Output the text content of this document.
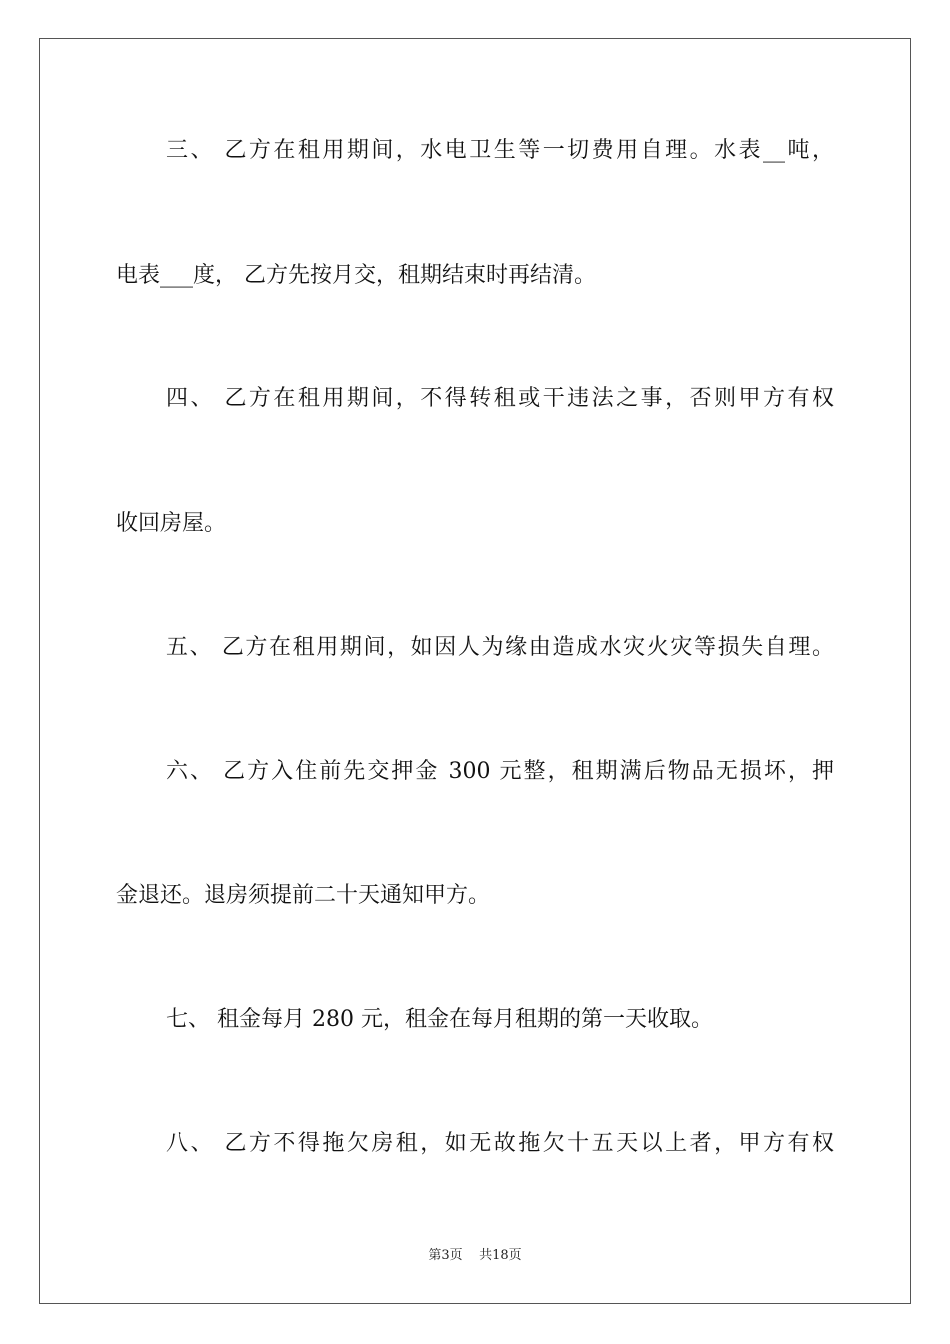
三、 乙方在租用期间，水电卫生等一切费用自理。水表__吨，
电表___度， 乙方先按月交，租期结束时再结清。
四、 乙方在租用期间，不得转租或干违法之事，否则甲方有权
收回房屋。
五、 乙方在租用期间，如因人为缘由造成水灾火灾等损失自理。
六、 乙方入住前先交押金 300 元整，租期满后物品无损坏，押
金退还。退房须提前二十天通知甲方。
七、 租金每月 280 元，租金在每月租期的第一天收取。
八、 乙方不得拖欠房租，如无故拖欠十五天以上者，甲方有权
第3页    共18页
